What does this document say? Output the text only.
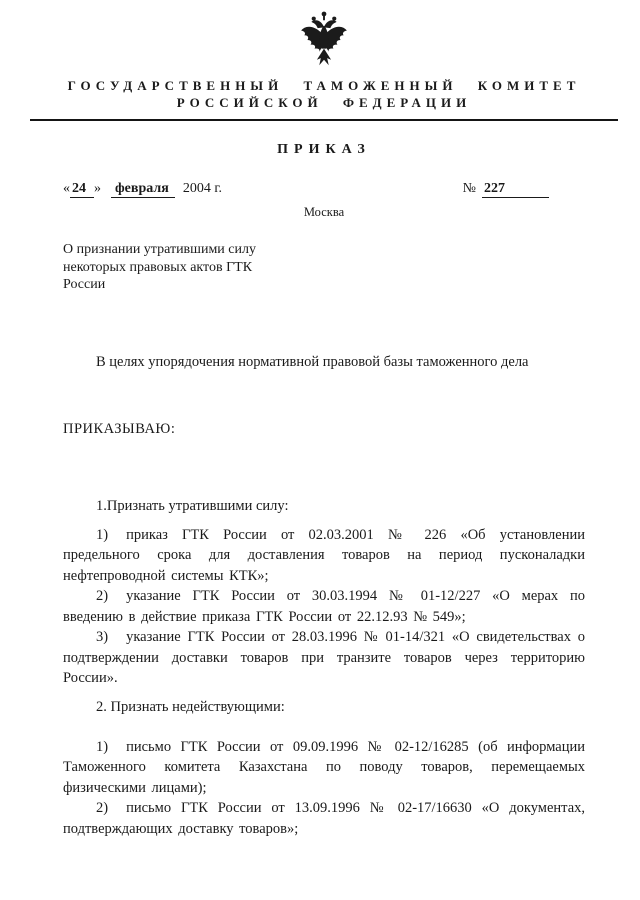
ГОСУДАРСТВЕННЫЙ ТАМОЖЕННЫЙ КОМИТЕТ
РОССИЙСКОЙ ФЕДЕРАЦИИ
ПРИКАЗ
« 24 » февраля 2004 г.	№ 227
Москва
О признании утратившими силу
некоторых правовых актов ГТК
России

В целях упорядочения нормативной правовой базы таможенного дела

ПРИКАЗЫВАЮ:

1.Признать утратившими силу:

1) приказ ГТК России от 02.03.2001 № 226 «Об установлении предельного срока для доставления товаров на период пусконаладки нефтепроводной системы КТК»;

2) указание ГТК России от 30.03.1994 № 01-12/227 «О мерах по введению в действие приказа ГТК России от 22.12.93 № 549»;

3) указание ГТК России от 28.03.1996 № 01-14/321 «О свидетельствах о подтверждении доставки товаров при транзите товаров через территорию России».

2. Признать недействующими:

1) письмо ГТК России от 09.09.1996 № 02-12/16285 (об информации Таможенного комитета Казахстана по поводу товаров, перемещаемых физическими лицами);

2) письмо ГТК России от 13.09.1996 № 02-17/16630 «О документах, подтверждающих доставку товаров»;
